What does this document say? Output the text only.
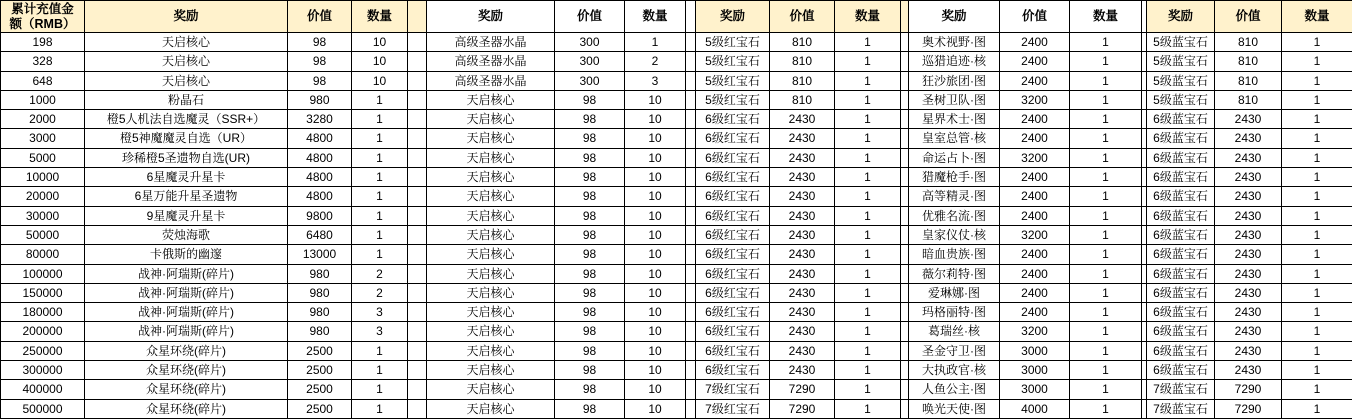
累计充值金
额（RMB）	奖励	价值	数量		奖励	价值	数量		奖励	价值	数量		奖励	价值	数量		奖励	价值	数量
198	天启核心	98	10		高级圣器水晶	300	1		5级红宝石	810	1		奥术视野·图	2400	1		5级蓝宝石	810	1
328	天启核心	98	10		高级圣器水晶	300	2		5级红宝石	810	1		巡猎追迹·核	2400	1		5级蓝宝石	810	1
648	天启核心	98	10		高级圣器水晶	300	3		5级红宝石	810	1		狂沙旅团·图	2400	1		5级蓝宝石	810	1
1000	粉晶石	980	1		天启核心	98	10		5级红宝石	810	1		圣树卫队·图	3200	1		5级蓝宝石	810	1
2000	橙5人机法自选魔灵（SSR+）	3280	1		天启核心	98	10		6级红宝石	2430	1		星界术士·图	2400	1		6级蓝宝石	2430	1
3000	橙5神魔魔灵自选（UR）	4800	1		天启核心	98	10		6级红宝石	2430	1		皇室总管·核	2400	1		6级蓝宝石	2430	1
5000	珍稀橙5圣遗物自选(UR)	4800	1		天启核心	98	10		6级红宝石	2430	1		命运占卜·图	3200	1		6级蓝宝石	2430	1
10000	6星魔灵升星卡	4800	1		天启核心	98	10		6级红宝石	2430	1		猎魔枪手·图	2400	1		6级蓝宝石	2430	1
20000	6星万能升星圣遗物	4800	1		天启核心	98	10		6级红宝石	2430	1		高等精灵·图	2400	1		6级蓝宝石	2430	1
30000	9星魔灵升星卡	9800	1		天启核心	98	10		6级红宝石	2430	1		优雅名流·图	2400	1		6级蓝宝石	2430	1
50000	荧烛海歌	6480	1		天启核心	98	10		6级红宝石	2430	1		皇家仪仗·核	3200	1		6级蓝宝石	2430	1
80000	卡俄斯的幽邃	13000	1		天启核心	98	10		6级红宝石	2430	1		暗血贵族·图	2400	1		6级蓝宝石	2430	1
100000	战神·阿瑞斯(碎片)	980	2		天启核心	98	10		6级红宝石	2430	1		薇尔莉特·图	2400	1		6级蓝宝石	2430	1
150000	战神·阿瑞斯(碎片)	980	2		天启核心	98	10		6级红宝石	2430	1		爱琳娜·图	2400	1		6级蓝宝石	2430	1
180000	战神·阿瑞斯(碎片)	980	3		天启核心	98	10		6级红宝石	2430	1		玛格丽特·图	2400	1		6级蓝宝石	2430	1
200000	战神·阿瑞斯(碎片)	980	3		天启核心	98	10		6级红宝石	2430	1		葛瑞丝·核	3200	1		6级蓝宝石	2430	1
250000	众星环绕(碎片)	2500	1		天启核心	98	10		6级红宝石	2430	1		圣金守卫·图	3000	1		6级蓝宝石	2430	1
300000	众星环绕(碎片)	2500	1		天启核心	98	10		6级红宝石	2430	1		大执政官·核	3000	1		6级蓝宝石	2430	1
400000	众星环绕(碎片)	2500	1		天启核心	98	10		7级红宝石	7290	1		人鱼公主·图	3000	1		7级蓝宝石	7290	1
500000	众星环绕(碎片)	2500	1		天启核心	98	10		7级红宝石	7290	1		唤光天使·图	4000	1		7级蓝宝石	7290	1
